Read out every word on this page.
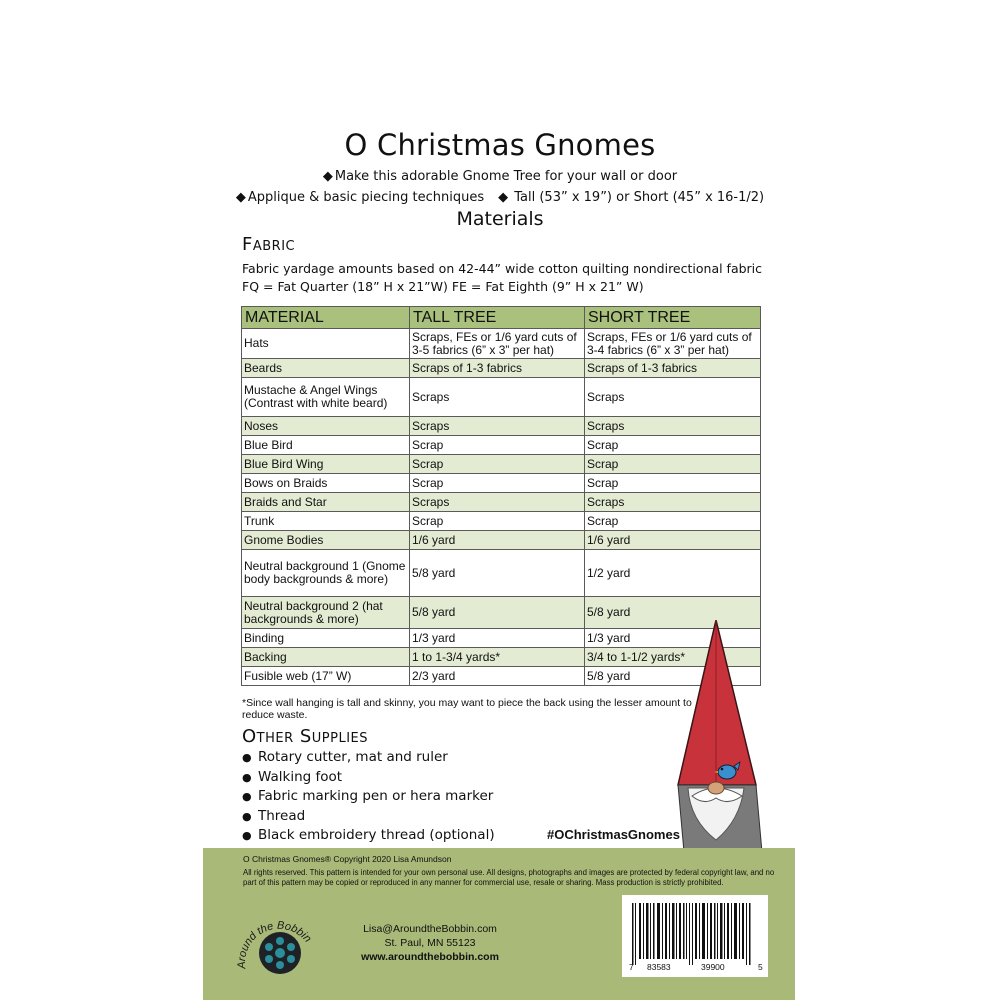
O Christmas Gnomes
◆ Make this adorable Gnome Tree for your wall or door
◆ Applique & basic piecing techniques ◆ Tall (53” x 19”) or Short (45” x 16-1/2)
Materials
Fabric
Fabric yardage amounts based on 42-44” wide cotton quilting nondirectional fabric
FQ = Fat Quarter (18” H x 21”W) FE = Fat Eighth (9” H x 21” W)
MATERIAL	TALL TREE	SHORT TREE
Hats	Scraps, FEs or 1/6 yard cuts of 3-5 fabrics (6” x 3” per hat)	Scraps, FEs or 1/6 yard cuts of 3-4 fabrics (6” x 3” per hat)
Beards	Scraps of 1-3 fabrics	Scraps of 1-3 fabrics
Mustache & Angel Wings (Contrast with white beard)	Scraps	Scraps
Noses	Scraps	Scraps
Blue Bird	Scrap	Scrap
Blue Bird Wing	Scrap	Scrap
Bows on Braids	Scrap	Scrap
Braids and Star	Scraps	Scraps
Trunk	Scrap	Scrap
Gnome Bodies	1/6 yard	1/6 yard
Neutral background 1 (Gnome body backgrounds & more)	5/8 yard	1/2 yard
Neutral background 2 (hat backgrounds & more)	5/8 yard	5/8 yard
Binding	1/3 yard	1/3 yard
Backing	1 to 1-3/4 yards*	3/4 to 1-1/2 yards*
Fusible web (17” W)	2/3 yard	5/8 yard
*Since wall hanging is tall and skinny, you may want to piece the back using the lesser amount to reduce waste.
Other Supplies
● Rotary cutter, mat and ruler
● Walking foot
● Fabric marking pen or hera marker
● Thread
● Black embroidery thread (optional)	#OChristmasGnomes
O Christmas Gnomes® Copyright 2020 Lisa Amundson
All rights reserved. This pattern is intended for your own personal use. All designs, photographs and images are protected by federal copyright law, and no part of this pattern may be copied or reproduced in any manner for commercial use, resale or sharing. Mass production is strictly prohibited.
Around the Bobbin
Lisa@AroundtheBobbin.com
St. Paul, MN 55123
www.aroundthebobbin.com
7 83583	39900	5
